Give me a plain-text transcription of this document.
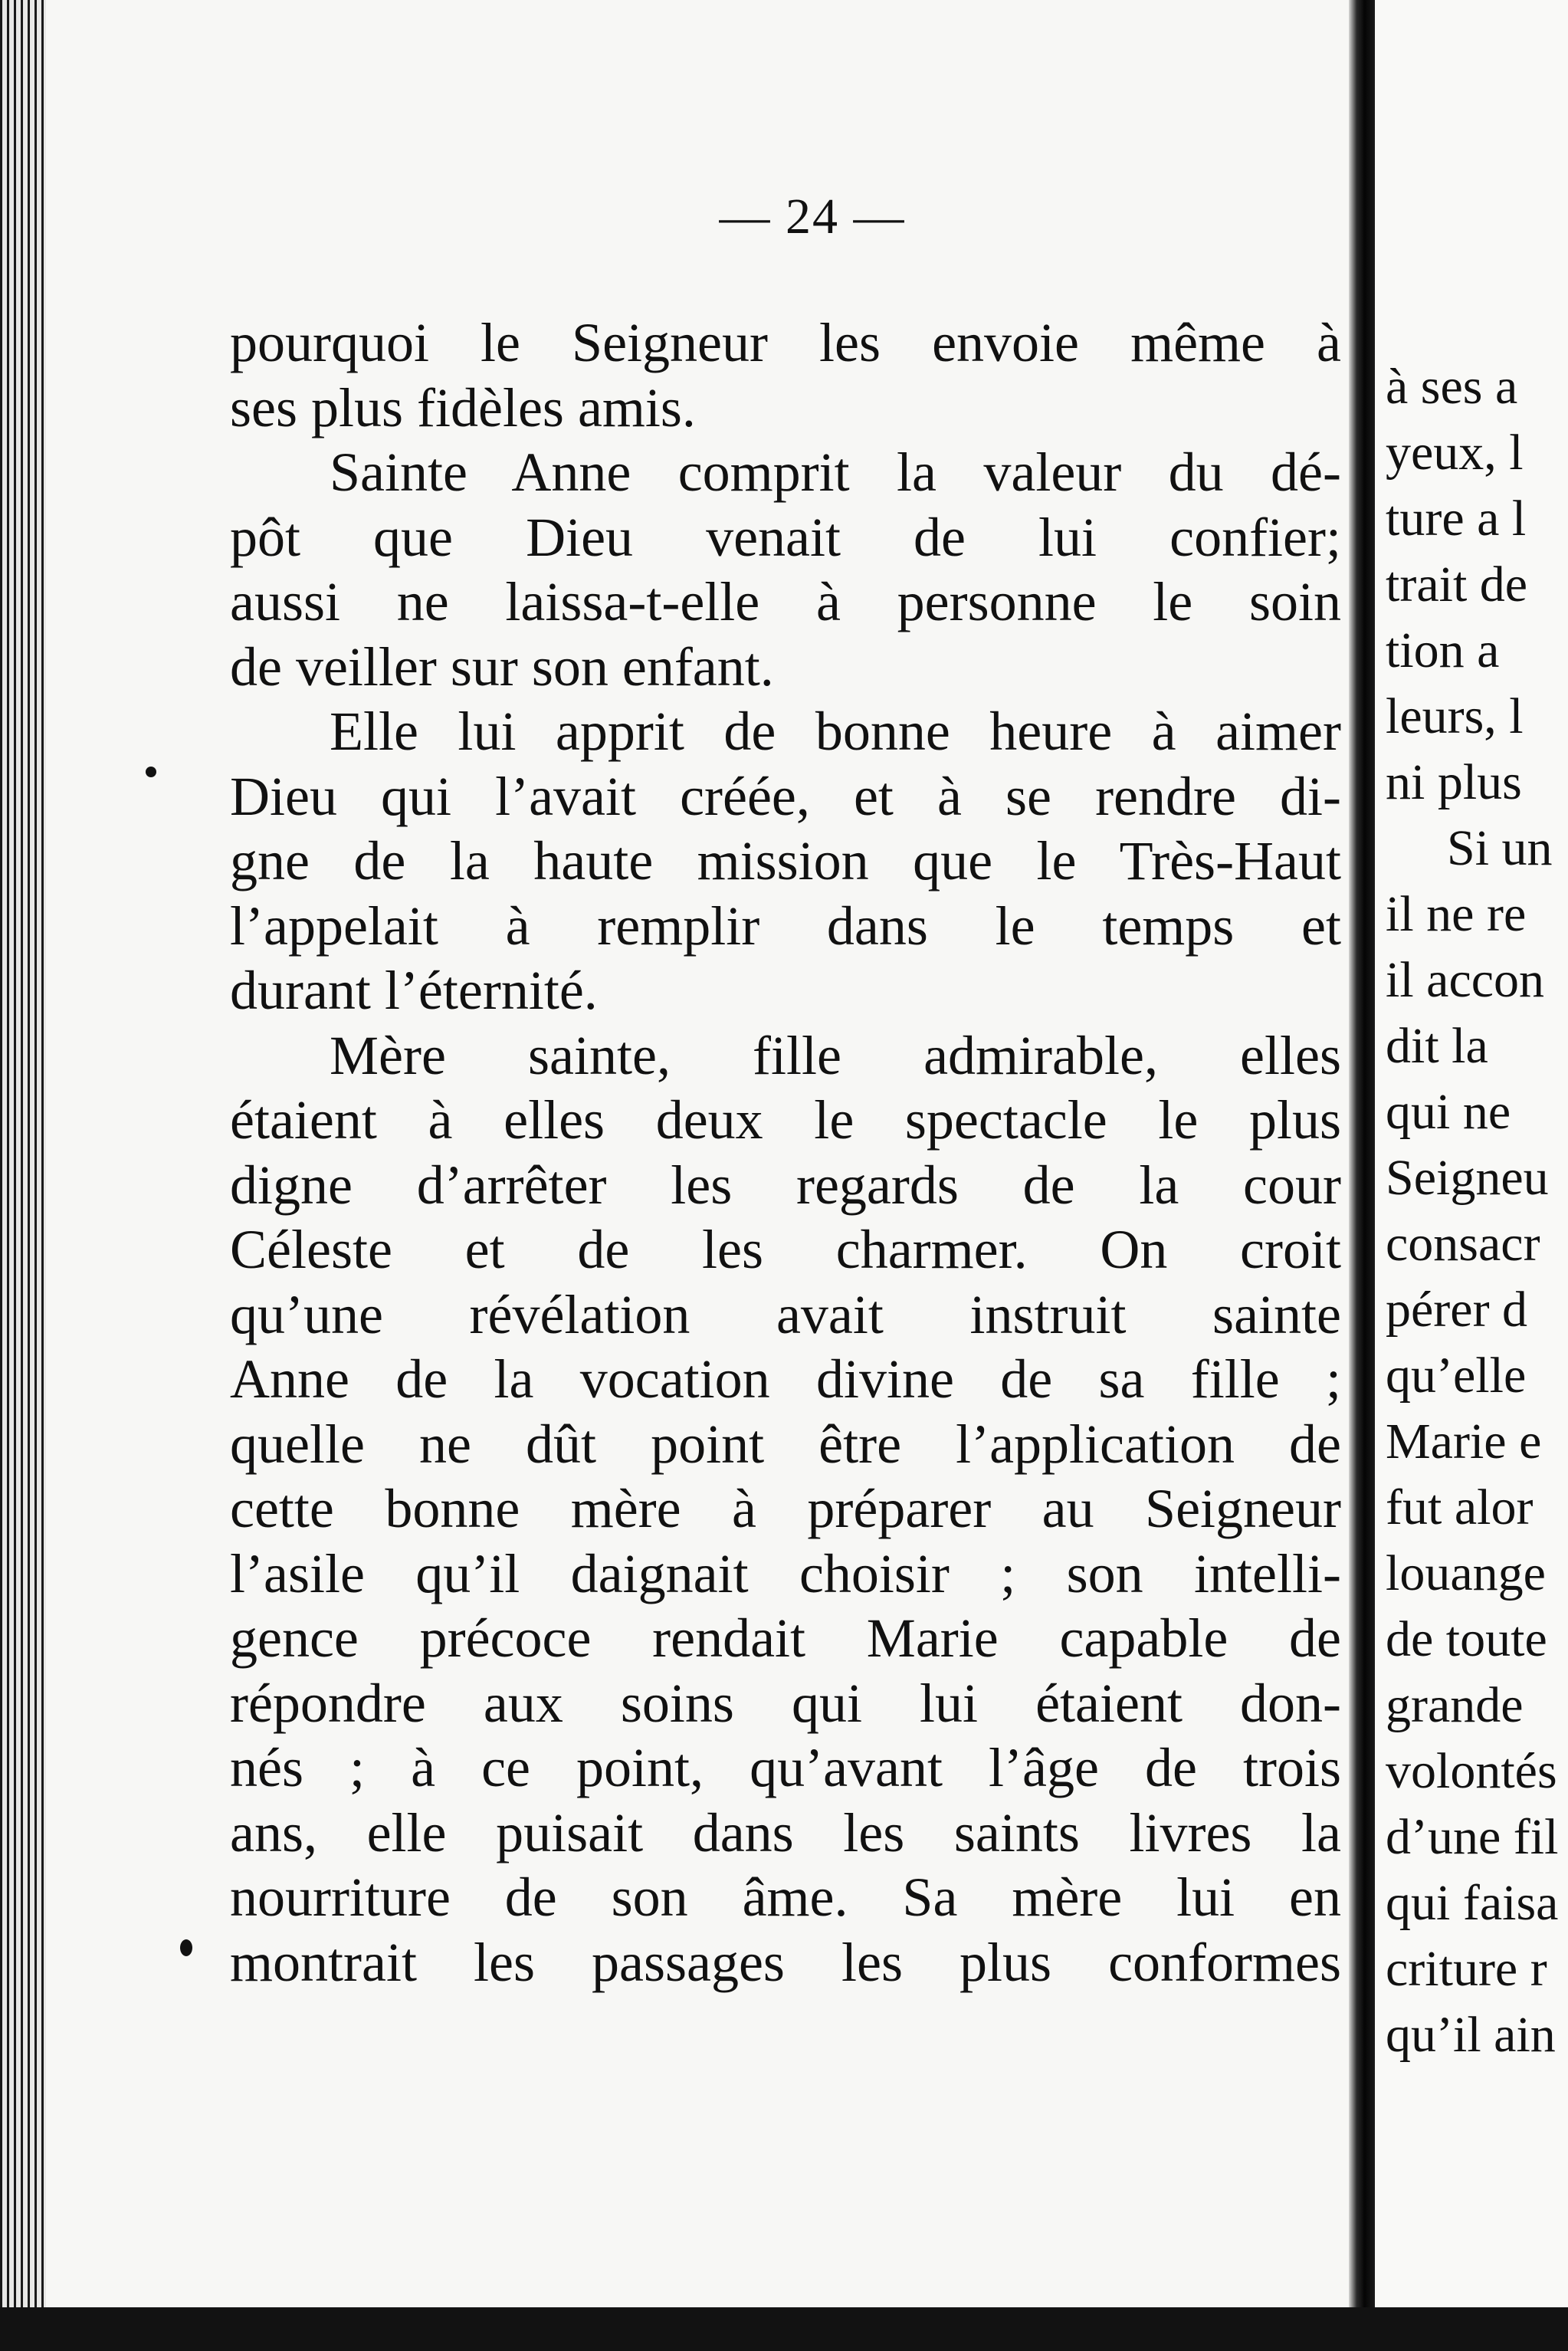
— 24 —
pourquoi le Seigneur les envoie même à
ses plus fidèles amis.
Sainte Anne comprit la valeur du dé-
pôt que Dieu venait de lui confier;
aussi ne laissa-t-elle à personne le soin
de veiller sur son enfant.
Elle lui apprit de bonne heure à aimer
Dieu qui l’avait créée, et à se rendre di-
gne de la haute mission que le Très-Haut
l’appelait à remplir dans le temps et
durant l’éternité.
Mère sainte, fille admirable, elles
étaient à elles deux le spectacle le plus
digne d’arrêter les regards de la cour
Céleste et de les charmer. On croit
qu’une révélation avait instruit sainte
Anne de la vocation divine de sa fille ;
quelle ne dût point être l’application de
cette bonne mère à préparer au Seigneur
l’asile qu’il daignait choisir ; son intelli-
gence précoce rendait Marie capable de
répondre aux soins qui lui étaient don-
nés ; à ce point, qu’avant l’âge de trois
ans, elle puisait dans les saints livres la
nourriture de son âme. Sa mère lui en
montrait les passages les plus conformes
à ses a
yeux, l
ture a l
trait de
tion a
leurs, l
ni plus
Si un
il ne re
il accon
dit la
qui ne
Seigneu
consacr
pérer d
qu’elle
Marie e
fut alor
louange
de toute
grande
volontés
d’une fil
qui faisa
criture r
qu’il ain
